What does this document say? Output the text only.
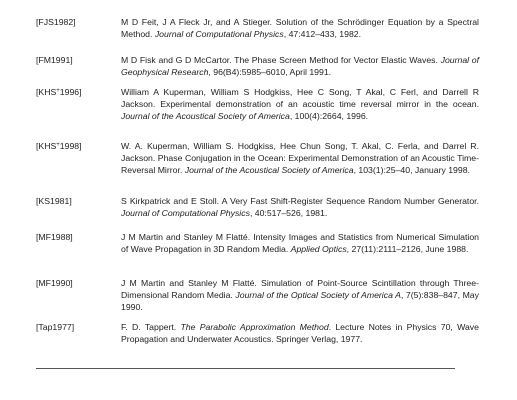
[FJS1982]	M D Feit, J A Fleck Jr, and A Stieger. Solution of the Schrödinger Equation by a Spectral Method. Journal of Computational Physics, 47:412–433, 1982.
[FM1991]	M D Fisk and G D McCartor. The Phase Screen Method for Vector Elastic Waves. Journal of Geophysical Research, 96(B4):5985–6010, April 1991.
[KHS+1996]	William A Kuperman, William S Hodgkiss, Hee C Song, T Akal, C Ferl, and Darrell R Jackson. Experimental demonstration of an acoustic time reversal mirror in the ocean. Journal of the Acoustical Society of America, 100(4):2664, 1996.
[KHS+1998]	W. A. Kuperman, William S. Hodgkiss, Hee Chun Song, T. Akal, C. Ferla, and Darrel R. Jackson. Phase Conjugation in the Ocean: Experimental Demonstration of an Acoustic Time-Reversal Mirror. Journal of the Acoustical Society of America, 103(1):25–40, January 1998.
[KS1981]	S Kirkpatrick and E Stoll. A Very Fast Shift-Register Sequence Random Number Generator. Journal of Computational Physics, 40:517–526, 1981.
[MF1988]	J M Martin and Stanley M Flatté. Intensity Images and Statistics from Numerical Simulation of Wave Propagation in 3D Random Media. Applied Optics, 27(11):2111–2126, June 1988.
[MF1990]	J M Martin and Stanley M Flatté. Simulation of Point-Source Scintillation through Three-Dimensional Random Media. Journal of the Optical Society of America A, 7(5):838–847, May 1990.
[Tap1977]	F. D. Tappert. The Parabolic Approximation Method. Lecture Notes in Physics 70, Wave Propagation and Underwater Acoustics. Springer Verlag, 1977.
